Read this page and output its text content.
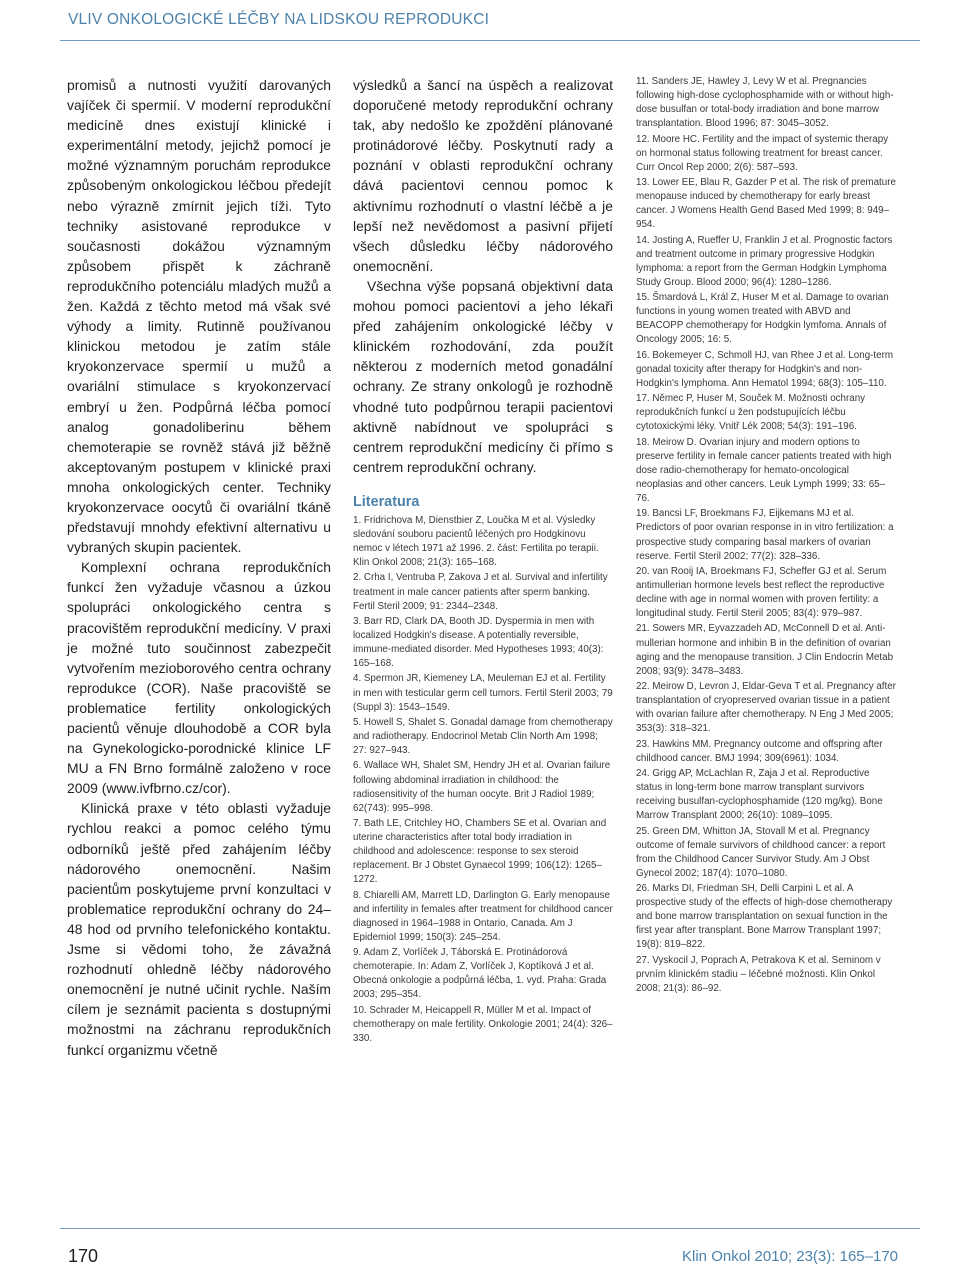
VLIV ONKOLOGICKÉ LÉČBY NA LIDSKOU REPRODUKCI

promisů a nutnosti využití darovaných vajíček či spermií. V moderní reprodukční medicíně dnes existují klinické i experimentální metody, jejichž pomocí je možné významným poruchám reprodukce způsobeným onkologickou léčbou předejít nebo výrazně zmírnit jejich tíži. Tyto techniky asistované reprodukce v současnosti dokážou významným způsobem přispět k záchraně reprodukčního potenciálu mladých mužů a žen. Každá z těchto metod má však své výhody a limity. Rutinně používanou klinickou metodou je zatím stále kryokonzervace spermií u mužů a ovariální stimulace s kryokonzervací embryí u žen. Podpůrná léčba pomocí analog gonadoliberinu během chemoterapie se rovněž stává již běžně akceptovaným postupem v klinické praxi mnoha onkologických center. Techniky kryokonzervace oocytů či ovariální tkáně představují mnohdy efektivní alternativu u vybraných skupin pacientek.

Komplexní ochrana reprodukčních funkcí žen vyžaduje včasnou a úzkou spolupráci onkologického centra s pracovištěm reprodukční medicíny. V praxi je možné tuto součinnost zabezpečit vytvořením mezioborového centra ochrany reprodukce (COR). Naše pracoviště se problematice fertility onkologických pacientů věnuje dlouhodobě a COR byla na Gynekologicko-porodnické klinice LF MU a FN Brno formálně založeno v roce 2009 (www.ivfbrno.cz/cor).

Klinická praxe v této oblasti vyžaduje rychlou reakci a pomoc celého týmu odborníků ještě před zahájením léčby nádorového onemocnění. Našim pacientům poskytujeme první konzultaci v problematice reprodukční ochrany do 24–48 hod od prvního telefonického kontaktu. Jsme si vědomi toho, že závažná rozhodnutí ohledně léčby nádorového onemocnění je nutné učinit rychle. Naším cílem je seznámit pacienta s dostupnými možnostmi na záchranu reprodukčních funkcí organizmu včetně

výsledků a šancí na úspěch a realizovat doporučené metody reprodukční ochrany tak, aby nedošlo ke zpoždění plánované protinádorové léčby. Poskytnutí rady a poznání v oblasti reprodukční ochrany dává pacientovi cennou pomoc k aktivnímu rozhodnutí o vlastní léčbě a je lepší než nevědomost a pasivní přijetí všech důsledku léčby nádorového onemocnění.

Všechna výše popsaná objektivní data mohou pomoci pacientovi a jeho lékaři před zahájením onkologické léčby v klinickém rozhodování, zda použít některou z moderních metod gonadální ochrany. Ze strany onkologů je rozhodně vhodné tuto podpůrnou terapii pacientovi aktivně nabídnout ve spolupráci s centrem reprodukční medicíny či přímo s centrem reprodukční ochrany.

Literatura
1. Fridrichova M, Dienstbier Z, Loučka M et al. Výsledky sledování souboru pacientů léčených pro Hodgkinovu nemoc v létech 1971 až 1996. 2. část: Fertilita po terapii. Klin Onkol 2008; 21(3): 165–168.
2. Crha I, Ventruba P, Zakova J et al. Survival and infertility treatment in male cancer patients after sperm banking. Fertil Steril 2009; 91: 2344–2348.
3. Barr RD, Clark DA, Booth JD. Dyspermia in men with localized Hodgkin's disease. A potentially reversible, immune-mediated disorder. Med Hypotheses 1993; 40(3): 165–168.
4. Spermon JR, Kiemeney LA, Meuleman EJ et al. Fertility in men with testicular germ cell tumors. Fertil Steril 2003; 79 (Suppl 3): 1543–1549.
5. Howell S, Shalet S. Gonadal damage from chemotherapy and radiotherapy. Endocrinol Metab Clin North Am 1998; 27: 927–943.
6. Wallace WH, Shalet SM, Hendry JH et al. Ovarian failure following abdominal irradiation in childhood: the radiosensitivity of the human oocyte. Brit J Radiol 1989; 62(743): 995–998.
7. Bath LE, Critchley HO, Chambers SE et al. Ovarian and uterine characteristics after total body irradiation in childhood and adolescence: response to sex steroid replacement. Br J Obstet Gynaecol 1999; 106(12): 1265–1272.
8. Chiarelli AM, Marrett LD, Darlington G. Early menopause and infertility in females after treatment for childhood cancer diagnosed in 1964–1988 in Ontario, Canada. Am J Epidemiol 1999; 150(3): 245–254.
9. Adam Z, Vorlíček J, Táborská E. Protinádorová chemoterapie. In: Adam Z, Vorlíček J, Koptíková J et al. Obecná onkologie a podpůrná léčba, 1. vyd. Praha: Grada 2003; 295–354.
10. Schrader M, Heicappell R, Müller M et al. Impact of chemotherapy on male fertility. Onkologie 2001; 24(4): 326–330.
11. Sanders JE, Hawley J, Levy W et al. Pregnancies following high-dose cyclophosphamide with or without high-dose busulfan or total-body irradiation and bone marrow transplantation. Blood 1996; 87: 3045–3052.
12. Moore HC. Fertility and the impact of systemic therapy on hormonal status following treatment for breast cancer. Curr Oncol Rep 2000; 2(6): 587–593.
13. Lower EE, Blau R, Gazder P et al. The risk of premature menopause induced by chemotherapy for early breast cancer. J Womens Health Gend Based Med 1999; 8: 949–954.
14. Josting A, Rueffer U, Franklin J et al. Prognostic factors and treatment outcome in primary progressive Hodgkin lymphoma: a report from the German Hodgkin Lymphoma Study Group. Blood 2000; 96(4): 1280–1286.
15. Šmardová L, Král Z, Huser M et al. Damage to ovarian functions in young women treated with ABVD and BEACOPP chemotherapy for Hodgkin lymfoma. Annals of Oncology 2005; 16: 5.
16. Bokemeyer C, Schmoll HJ, van Rhee J et al. Long-term gonadal toxicity after therapy for Hodgkin's and non-Hodgkin's lymphoma. Ann Hematol 1994; 68(3): 105–110.
17. Němec P, Huser M, Souček M. Možnosti ochrany reprodukčních funkcí u žen podstupujících léčbu cytotoxickými léky. Vnitř Lék 2008; 54(3): 191–196.
18. Meirow D. Ovarian injury and modern options to preserve fertility in female cancer patients treated with high dose radio-chemotherapy for hemato-oncological neoplasias and other cancers. Leuk Lymph 1999; 33: 65–76.
19. Bancsi LF, Broekmans FJ, Eijkemans MJ et al. Predictors of poor ovarian response in in vitro fertilization: a prospective study comparing basal markers of ovarian reserve. Fertil Steril 2002; 77(2): 328–336.
20. van Rooij IA, Broekmans FJ, Scheffer GJ et al. Serum antimullerian hormone levels best reflect the reproductive decline with age in normal women with proven fertility: a longitudinal study. Fertil Steril 2005; 83(4): 979–987.
21. Sowers MR, Eyvazzadeh AD, McConnell D et al. Anti-mullerian hormone and inhibin B in the definition of ovarian aging and the menopause transition. J Clin Endocrin Metab 2008; 93(9): 3478–3483.
22. Meirow D, Levron J, Eldar-Geva T et al. Pregnancy after transplantation of cryopreserved ovarian tissue in a patient with ovarian failure after chemotherapy. N Eng J Med 2005; 353(3): 318–321.
23. Hawkins MM. Pregnancy outcome and offspring after childhood cancer. BMJ 1994; 309(6961): 1034.
24. Grigg AP, McLachlan R, Zaja J et al. Reproductive status in long-term bone marrow transplant survivors receiving busulfan-cyclophosphamide (120 mg/kg). Bone Marrow Transplant 2000; 26(10): 1089–1095.
25. Green DM, Whitton JA, Stovall M et al. Pregnancy outcome of female survivors of childhood cancer: a report from the Childhood Cancer Survivor Study. Am J Obst Gynecol 2002; 187(4): 1070–1080.
26. Marks DI, Friedman SH, Delli Carpini L et al. A prospective study of the effects of high-dose chemotherapy and bone marrow transplantation on sexual function in the first year after transplant. Bone Marrow Transplant 1997; 19(8): 819–822.
27. Vyskocil J, Poprach A, Petrakova K et al. Seminom v prvním klinickém stadiu – léčebné možnosti. Klin Onkol 2008; 21(3): 86–92.
170	Klin Onkol 2010; 23(3): 165–170
